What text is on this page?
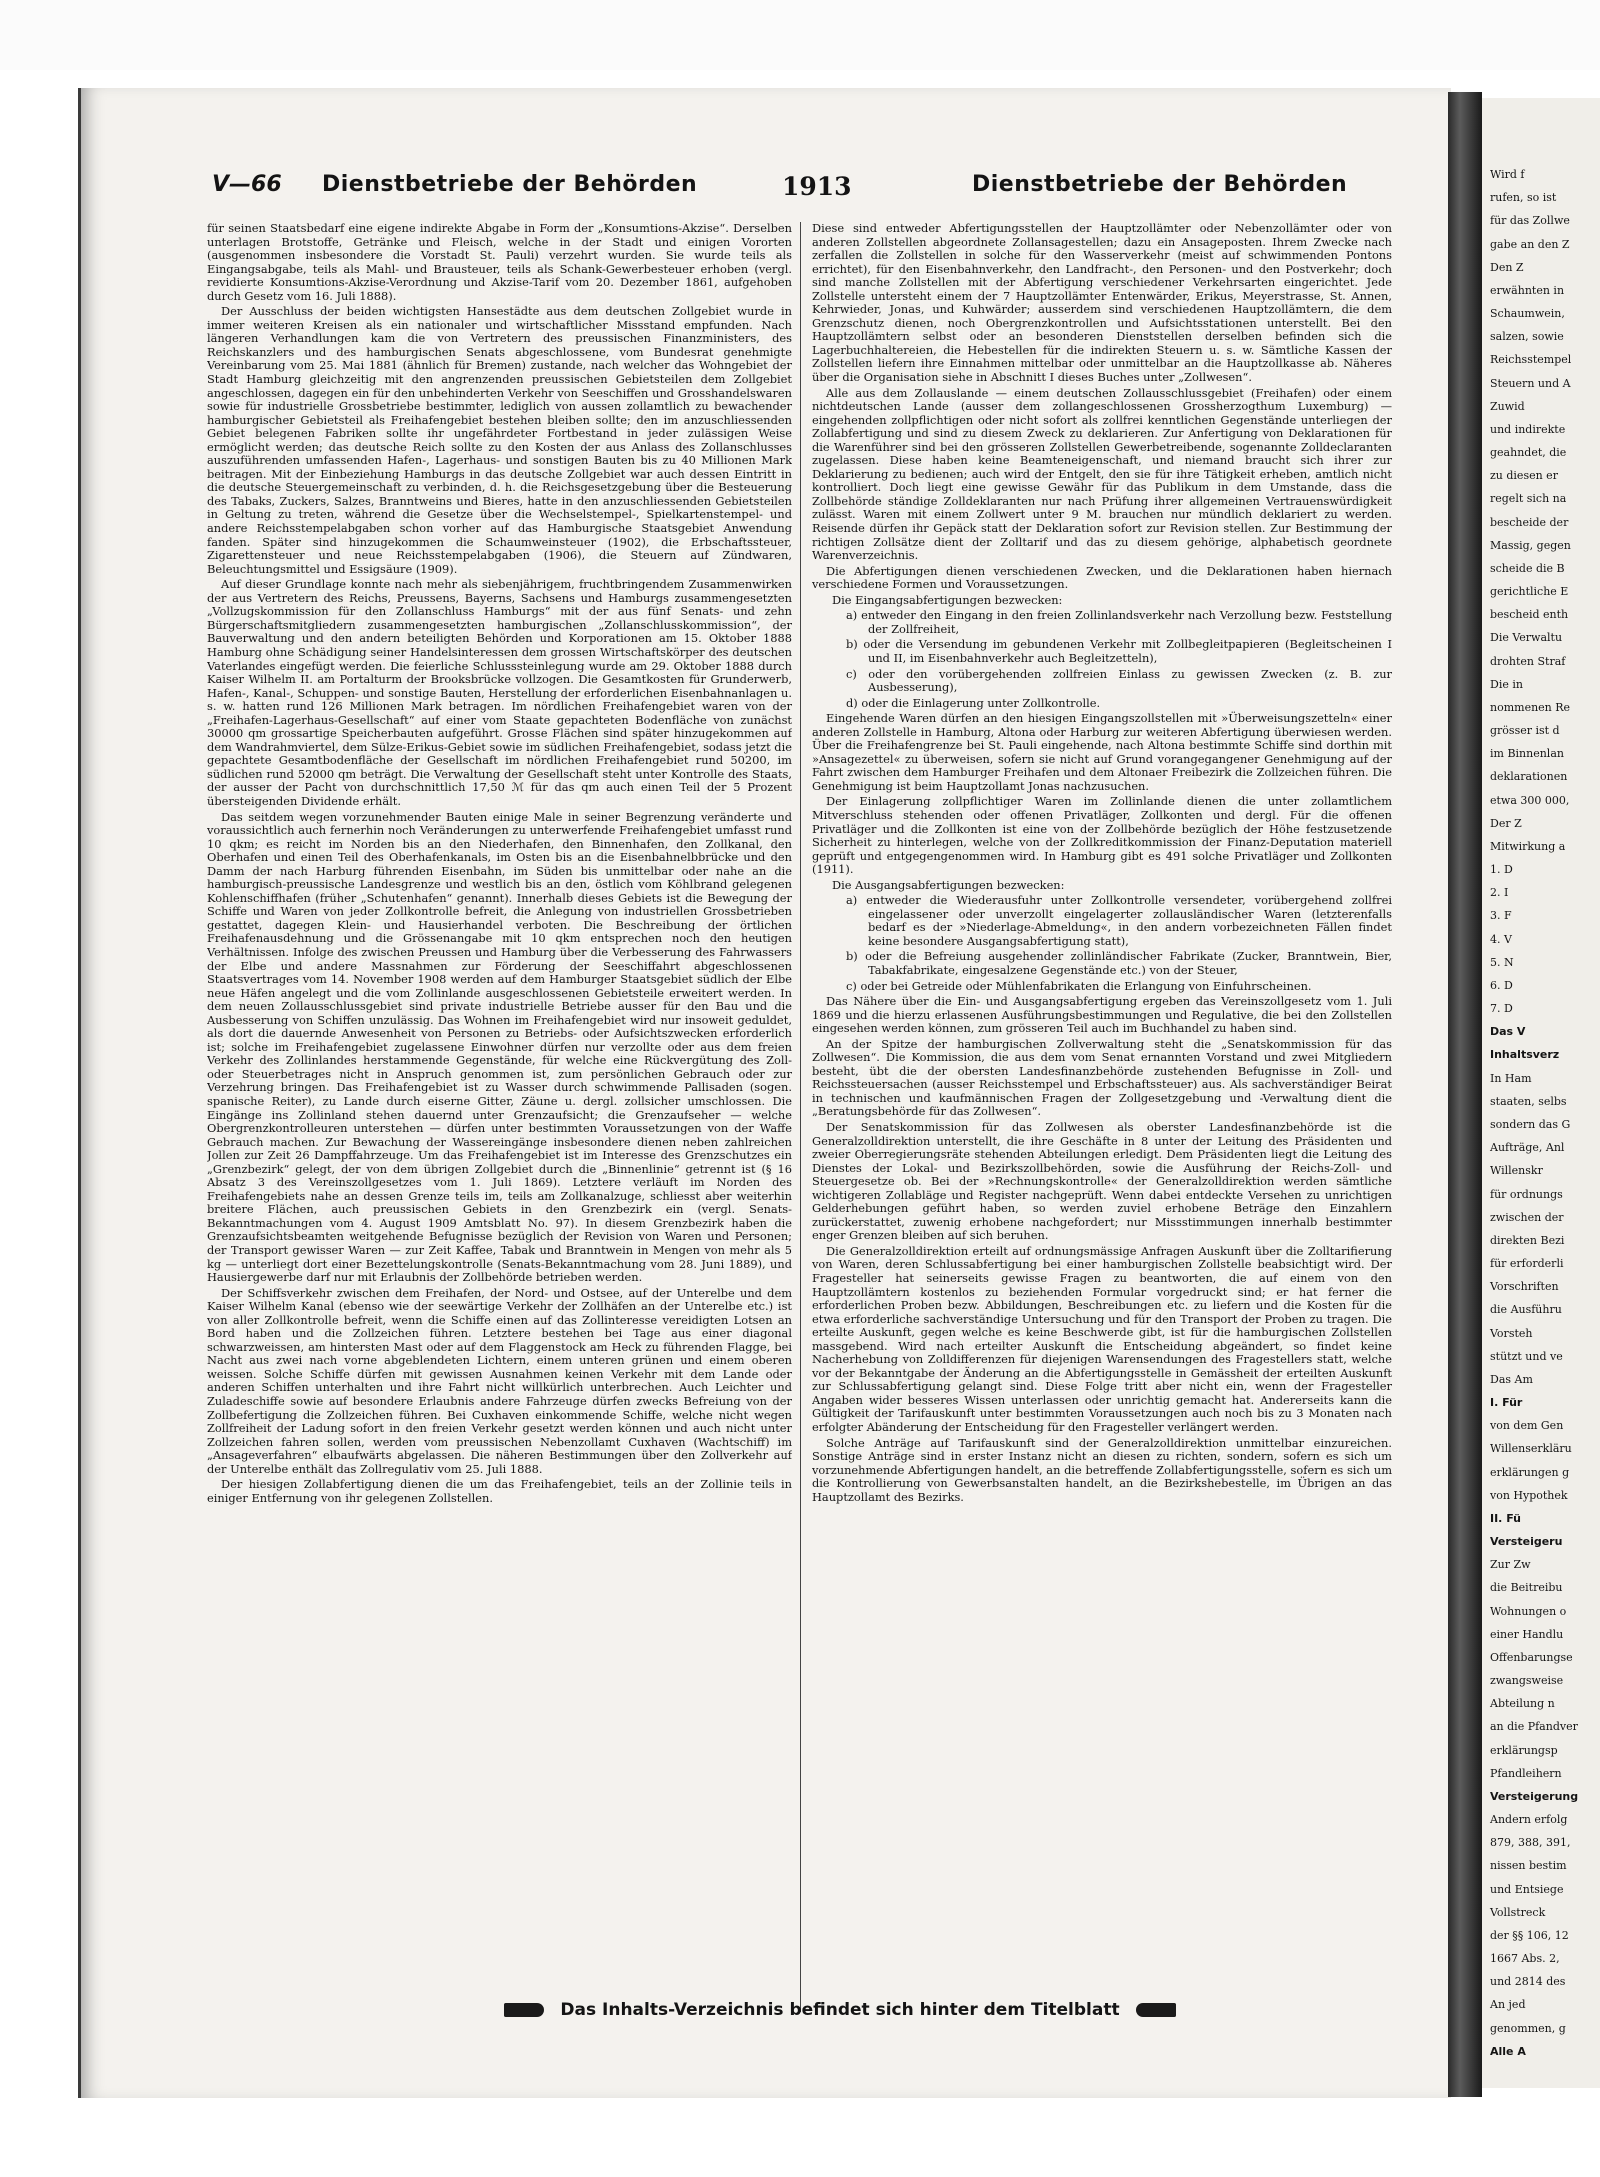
V—66 Dienstbetriebe der Behörden	1913	Dienstbetriebe der Behörden

für seinen Staatsbedarf eine eigene indirekte Abgabe in Form der „Konsumtions-Akzise“. Derselben unterlagen Brotstoffe, Getränke und Fleisch, welche in der Stadt und einigen Vororten (ausgenommen insbesondere die Vorstadt St. Pauli) verzehrt wurden. Sie wurde teils als Eingangsabgabe, teils als Mahl- und Brausteuer, teils als Schank-Gewerbesteuer erhoben (vergl. revidierte Konsumtions-Akzise-Verordnung und Akzise-Tarif vom 20. Dezember 1861, aufgehoben durch Gesetz vom 16. Juli 1888).

Der Ausschluss der beiden wichtigsten Hansestädte aus dem deutschen Zollgebiet wurde in immer weiteren Kreisen als ein nationaler und wirtschaftlicher Missstand empfunden. Nach längeren Verhandlungen kam die von Vertretern des preussischen Finanzministers, des Reichskanzlers und des hamburgischen Senats abgeschlossene, vom Bundesrat genehmigte Vereinbarung vom 25. Mai 1881 (ähnlich für Bremen) zustande, nach welcher das Wohngebiet der Stadt Hamburg gleichzeitig mit den angrenzenden preussischen Gebietsteilen dem Zollgebiet angeschlossen, dagegen ein für den unbehinderten Verkehr von Seeschiffen und Grosshandelswaren sowie für industrielle Grossbetriebe bestimmter, lediglich von aussen zollamtlich zu bewachender hamburgischer Gebietsteil als Freihafengebiet bestehen bleiben sollte; den im anzuschliessenden Gebiet belegenen Fabriken sollte ihr ungefährdeter Fortbestand in jeder zulässigen Weise ermöglicht werden; das deutsche Reich sollte zu den Kosten der aus Anlass des Zollanschlusses auszuführenden umfassenden Hafen-, Lagerhaus- und sonstigen Bauten bis zu 40 Millionen Mark beitragen. Mit der Einbeziehung Hamburgs in das deutsche Zollgebiet war auch dessen Eintritt in die deutsche Steuergemeinschaft zu verbinden, d. h. die Reichsgesetzgebung über die Besteuerung des Tabaks, Zuckers, Salzes, Branntweins und Bieres, hatte in den anzuschliessenden Gebietsteilen in Geltung zu treten, während die Gesetze über die Wechselstempel-, Spielkartenstempel- und andere Reichsstempelabgaben schon vorher auf das Hamburgische Staatsgebiet Anwendung fanden. Später sind hinzugekommen die Schaumweinsteuer (1902), die Erbschaftssteuer, Zigarettensteuer und neue Reichsstempelabgaben (1906), die Steuern auf Zündwaren, Beleuchtungsmittel und Essigsäure (1909).

Auf dieser Grundlage konnte nach mehr als siebenjährigem, fruchtbringendem Zusammenwirken der aus Vertretern des Reichs, Preussens, Bayerns, Sachsens und Hamburgs zusammengesetzten „Vollzugskommission für den Zollanschluss Hamburgs“ mit der aus fünf Senats- und zehn Bürgerschaftsmitgliedern zusammengesetzten hamburgischen „Zollanschlusskommission“, der Bauverwaltung und den andern beteiligten Behörden und Korporationen am 15. Oktober 1888 Hamburg ohne Schädigung seiner Handelsinteressen dem grossen Wirtschaftskörper des deutschen Vaterlandes eingefügt werden. Die feierliche Schlusssteinlegung wurde am 29. Oktober 1888 durch Kaiser Wilhelm II. am Portalturm der Brooksbrücke vollzogen. Die Gesamtkosten für Grunderwerb, Hafen-, Kanal-, Schuppen- und sonstige Bauten, Herstellung der erforderlichen Eisenbahnanlagen u. s. w. hatten rund 126 Millionen Mark betragen. Im nördlichen Freihafengebiet waren von der „Freihafen-Lagerhaus-Gesellschaft“ auf einer vom Staate gepachteten Bodenfläche von zunächst 30000 qm grossartige Speicherbauten aufgeführt. Grosse Flächen sind später hinzugekommen auf dem Wandrahmviertel, dem Sülze-Erikus-Gebiet sowie im südlichen Freihafengebiet, sodass jetzt die gepachtete Gesamtbodenfläche der Gesellschaft im nördlichen Freihafengebiet rund 50200, im südlichen rund 52000 qm beträgt. Die Verwaltung der Gesellschaft steht unter Kontrolle des Staats, der ausser der Pacht von durchschnittlich 17,50 ℳ für das qm auch einen Teil der 5 Prozent übersteigenden Dividende erhält.

Das seitdem wegen vorzunehmender Bauten einige Male in seiner Begrenzung veränderte und voraussichtlich auch fernerhin noch Veränderungen zu unterwerfende Freihafengebiet umfasst rund 10 qkm; es reicht im Norden bis an den Niederhafen, den Binnenhafen, den Zollkanal, den Oberhafen und einen Teil des Oberhafenkanals, im Osten bis an die Eisenbahnelbbrücke und den Damm der nach Harburg führenden Eisenbahn, im Süden bis unmittelbar oder nahe an die hamburgisch-preussische Landesgrenze und westlich bis an den, östlich vom Köhlbrand gelegenen Kohlenschiffhafen (früher „Schutenhafen“ genannt). Innerhalb dieses Gebiets ist die Bewegung der Schiffe und Waren von jeder Zollkontrolle befreit, die Anlegung von industriellen Grossbetrieben gestattet, dagegen Klein- und Hausierhandel verboten. Die Beschreibung der örtlichen Freihafenausdehnung und die Grössenangabe mit 10 qkm entsprechen noch den heutigen Verhältnissen. Infolge des zwischen Preussen und Hamburg über die Verbesserung des Fahrwassers der Elbe und andere Massnahmen zur Förderung der Seeschiffahrt abgeschlossenen Staatsvertrages vom 14. November 1908 werden auf dem Hamburger Staatsgebiet südlich der Elbe neue Häfen angelegt und die vom Zollinlande ausgeschlossenen Gebietsteile erweitert werden. In dem neuen Zollausschlussgebiet sind private industrielle Betriebe ausser für den Bau und die Ausbesserung von Schiffen unzulässig. Das Wohnen im Freihafengebiet wird nur insoweit geduldet, als dort die dauernde Anwesenheit von Personen zu Betriebs- oder Aufsichtszwecken erforderlich ist; solche im Freihafengebiet zugelassene Einwohner dürfen nur verzollte oder aus dem freien Verkehr des Zollinlandes herstammende Gegenstände, für welche eine Rückvergütung des Zoll- oder Steuerbetrages nicht in Anspruch genommen ist, zum persönlichen Gebrauch oder zur Verzehrung bringen. Das Freihafengebiet ist zu Wasser durch schwimmende Pallisaden (sogen. spanische Reiter), zu Lande durch eiserne Gitter, Zäune u. dergl. zollsicher umschlossen. Die Eingänge ins Zollinland stehen dauernd unter Grenzaufsicht; die Grenzaufseher — welche Obergrenzkontrolleuren unterstehen — dürfen unter bestimmten Voraussetzungen von der Waffe Gebrauch machen. Zur Bewachung der Wassereingänge insbesondere dienen neben zahlreichen Jollen zur Zeit 26 Dampffahrzeuge. Um das Freihafengebiet ist im Interesse des Grenzschutzes ein „Grenzbezirk“ gelegt, der von dem übrigen Zollgebiet durch die „Binnenlinie“ getrennt ist (§ 16 Absatz 3 des Vereinszollgesetzes vom 1. Juli 1869). Letztere verläuft im Norden des Freihafengebiets nahe an dessen Grenze teils im, teils am Zollkanalzuge, schliesst aber weiterhin breitere Flächen, auch preussischen Gebiets in den Grenzbezirk ein (vergl. Senats-Bekanntmachungen vom 4. August 1909 Amtsblatt No. 97). In diesem Grenzbezirk haben die Grenzaufsichtsbeamten weitgehende Befugnisse bezüglich der Revision von Waren und Personen; der Transport gewisser Waren — zur Zeit Kaffee, Tabak und Branntwein in Mengen von mehr als 5 kg — unterliegt dort einer Bezettelungskontrolle (Senats-Bekanntmachung vom 28. Juni 1889), und Hausiergewerbe darf nur mit Erlaubnis der Zollbehörde betrieben werden.

Der Schiffsverkehr zwischen dem Freihafen, der Nord- und Ostsee, auf der Unterelbe und dem Kaiser Wilhelm Kanal (ebenso wie der seewärtige Verkehr der Zollhäfen an der Unterelbe etc.) ist von aller Zollkontrolle befreit, wenn die Schiffe einen auf das Zollinteresse vereidigten Lotsen an Bord haben und die Zollzeichen führen. Letztere bestehen bei Tage aus einer diagonal schwarzweissen, am hintersten Mast oder auf dem Flaggenstock am Heck zu führenden Flagge, bei Nacht aus zwei nach vorne abgeblendeten Lichtern, einem unteren grünen und einem oberen weissen. Solche Schiffe dürfen mit gewissen Ausnahmen keinen Verkehr mit dem Lande oder anderen Schiffen unterhalten und ihre Fahrt nicht willkürlich unterbrechen. Auch Leichter und Zuladeschiffe sowie auf besondere Erlaubnis andere Fahrzeuge dürfen zwecks Befreiung von der Zollbefertigung die Zollzeichen führen. Bei Cuxhaven einkommende Schiffe, welche nicht wegen Zollfreiheit der Ladung sofort in den freien Verkehr gesetzt werden können und auch nicht unter Zollzeichen fahren sollen, werden vom preussischen Nebenzollamt Cuxhaven (Wachtschiff) im „Ansageverfahren“ elbaufwärts abgelassen. Die näheren Bestimmungen über den Zollverkehr auf der Unterelbe enthält das Zollregulativ vom 25. Juli 1888.

Der hiesigen Zollabfertigung dienen die um das Freihafengebiet, teils an der Zollinie teils in einiger Entfernung von ihr gelegenen Zollstellen.

Diese sind entweder Abfertigungsstellen der Hauptzollämter oder Nebenzollämter oder von anderen Zollstellen abgeordnete Zollansagestellen; dazu ein Ansageposten. Ihrem Zwecke nach zerfallen die Zollstellen in solche für den Wasserverkehr (meist auf schwimmenden Pontons errichtet), für den Eisenbahnverkehr, den Landfracht-, den Personen- und den Postverkehr; doch sind manche Zollstellen mit der Abfertigung verschiedener Verkehrsarten eingerichtet. Jede Zollstelle untersteht einem der 7 Hauptzollämter Entenwärder, Erikus, Meyerstrasse, St. Annen, Kehrwieder, Jonas, und Kuhwärder; ausserdem sind verschiedenen Hauptzollämtern, die dem Grenzschutz dienen, noch Obergrenzkontrollen und Aufsichtsstationen unterstellt. Bei den Hauptzollämtern selbst oder an besonderen Dienststellen derselben befinden sich die Lagerbuchhaltereien, die Hebestellen für die indirekten Steuern u. s. w. Sämtliche Kassen der Zollstellen liefern ihre Einnahmen mittelbar oder unmittelbar an die Hauptzollkasse ab. Näheres über die Organisation siehe in Abschnitt I dieses Buches unter „Zollwesen“.

Alle aus dem Zollauslande — einem deutschen Zollausschlussgebiet (Freihafen) oder einem nichtdeutschen Lande (ausser dem zollangeschlossenen Grossherzogthum Luxemburg) — eingehenden zollpflichtigen oder nicht sofort als zollfrei kenntlichen Gegenstände unterliegen der Zollabfertigung und sind zu diesem Zweck zu deklarieren. Zur Anfertigung von Deklarationen für die Warenführer sind bei den grösseren Zollstellen Gewerbetreibende, sogenannte Zolldeclaranten zugelassen. Diese haben keine Beamteneigenschaft, und niemand braucht sich ihrer zur Deklarierung zu bedienen; auch wird der Entgelt, den sie für ihre Tätigkeit erheben, amtlich nicht kontrolliert. Doch liegt eine gewisse Gewähr für das Publikum in dem Umstande, dass die Zollbehörde ständige Zolldeklaranten nur nach Prüfung ihrer allgemeinen Vertrauenswürdigkeit zulässt. Waren mit einem Zollwert unter 9 M. brauchen nur mündlich deklariert zu werden. Reisende dürfen ihr Gepäck statt der Deklaration sofort zur Revision stellen. Zur Bestimmung der richtigen Zollsätze dient der Zolltarif und das zu diesem gehörige, alphabetisch geordnete Warenverzeichnis.

Die Abfertigungen dienen verschiedenen Zwecken, und die Deklarationen haben hiernach verschiedene Formen und Voraussetzungen.

Die Eingangsabfertigungen bezwecken:

a) entweder den Eingang in den freien Zollinlandsverkehr nach Verzollung bezw. Feststellung der Zollfreiheit,

b) oder die Versendung im gebundenen Verkehr mit Zollbegleitpapieren (Begleitscheinen I und II, im Eisenbahnverkehr auch Begleitzetteln),

c) oder den vorübergehenden zollfreien Einlass zu gewissen Zwecken (z. B. zur Ausbesserung),

d) oder die Einlagerung unter Zollkontrolle.

Eingehende Waren dürfen an den hiesigen Eingangszollstellen mit »Überweisungszetteln« einer anderen Zollstelle in Hamburg, Altona oder Harburg zur weiteren Abfertigung überwiesen werden. Über die Freihafengrenze bei St. Pauli eingehende, nach Altona bestimmte Schiffe sind dorthin mit »Ansagezettel« zu überweisen, sofern sie nicht auf Grund vorangegangener Genehmigung auf der Fahrt zwischen dem Hamburger Freihafen und dem Altonaer Freibezirk die Zollzeichen führen. Die Genehmigung ist beim Hauptzollamt Jonas nachzusuchen.

Der Einlagerung zollpflichtiger Waren im Zollinlande dienen die unter zollamtlichem Mitverschluss stehenden oder offenen Privatläger, Zollkonten und dergl. Für die offenen Privatläger und die Zollkonten ist eine von der Zollbehörde bezüglich der Höhe festzusetzende Sicherheit zu hinterlegen, welche von der Zollkreditkommission der Finanz-Deputation materiell geprüft und entgegengenommen wird. In Hamburg gibt es 491 solche Privatläger und Zollkonten (1911).

Die Ausgangsabfertigungen bezwecken:

a) entweder die Wiederausfuhr unter Zollkontrolle versendeter, vorübergehend zollfrei eingelassener oder unverzollt eingelagerter zollausländischer Waren (letzterenfalls bedarf es der »Niederlage-Abmeldung«, in den andern vorbezeichneten Fällen findet keine besondere Ausgangsabfertigung statt),

b) oder die Befreiung ausgehender zollinländischer Fabrikate (Zucker, Branntwein, Bier, Tabakfabrikate, eingesalzene Gegenstände etc.) von der Steuer,

c) oder bei Getreide oder Mühlenfabrikaten die Erlangung von Einfuhrscheinen.

Das Nähere über die Ein- und Ausgangsabfertigung ergeben das Vereinszollgesetz vom 1. Juli 1869 und die hierzu erlassenen Ausführungsbestimmungen und Regulative, die bei den Zollstellen eingesehen werden können, zum grösseren Teil auch im Buchhandel zu haben sind.

An der Spitze der hamburgischen Zollverwaltung steht die „Senatskommission für das Zollwesen“. Die Kommission, die aus dem vom Senat ernannten Vorstand und zwei Mitgliedern besteht, übt die der obersten Landesfinanzbehörde zustehenden Befugnisse in Zoll- und Reichssteuersachen (ausser Reichsstempel und Erbschaftssteuer) aus. Als sachverständiger Beirat in technischen und kaufmännischen Fragen der Zollgesetzgebung und -Verwaltung dient die „Beratungsbehörde für das Zollwesen“.

Der Senatskommission für das Zollwesen als oberster Landesfinanzbehörde ist die Generalzolldirektion unterstellt, die ihre Geschäfte in 8 unter der Leitung des Präsidenten und zweier Oberregierungsräte stehenden Abteilungen erledigt. Dem Präsidenten liegt die Leitung des Dienstes der Lokal- und Bezirkszollbehörden, sowie die Ausführung der Reichs-Zoll- und Steuergesetze ob. Bei der »Rechnungskontrolle« der Generalzolldirektion werden sämtliche wichtigeren Zollabläge und Register nachgeprüft. Wenn dabei entdeckte Versehen zu unrichtigen Gelderhebungen geführt haben, so werden zuviel erhobene Beträge den Einzahlern zurückerstattet, zuwenig erhobene nachgefordert; nur Missstimmungen innerhalb bestimmter enger Grenzen bleiben auf sich beruhen.

Die Generalzolldirektion erteilt auf ordnungsmässige Anfragen Auskunft über die Zolltarifierung von Waren, deren Schlussabfertigung bei einer hamburgischen Zollstelle beabsichtigt wird. Der Fragesteller hat seinerseits gewisse Fragen zu beantworten, die auf einem von den Hauptzollämtern kostenlos zu beziehenden Formular vorgedruckt sind; er hat ferner die erforderlichen Proben bezw. Abbildungen, Beschreibungen etc. zu liefern und die Kosten für die etwa erforderliche sachverständige Untersuchung und für den Transport der Proben zu tragen. Die erteilte Auskunft, gegen welche es keine Beschwerde gibt, ist für die hamburgischen Zollstellen massgebend. Wird nach erteilter Auskunft die Entscheidung abgeändert, so findet keine Nacherhebung von Zolldifferenzen für diejenigen Warensendungen des Fragestellers statt, welche vor der Bekanntgabe der Änderung an die Abfertigungsstelle in Gemässheit der erteilten Auskunft zur Schlussabfertigung gelangt sind. Diese Folge tritt aber nicht ein, wenn der Fragesteller Angaben wider besseres Wissen unterlassen oder unrichtig gemacht hat. Andererseits kann die Gültigkeit der Tarifauskunft unter bestimmten Voraussetzungen auch noch bis zu 3 Monaten nach erfolgter Abänderung der Entscheidung für den Fragesteller verlängert werden.

Solche Anträge auf Tarifauskunft sind der Generalzolldirektion unmittelbar einzureichen. Sonstige Anträge sind in erster Instanz nicht an diesen zu richten, sondern, sofern es sich um vorzunehmende Abfertigungen handelt, an die betreffende Zollabfertigungsstelle, sofern es sich um die Kontrollierung von Gewerbsanstalten handelt, an die Bezirkshebestelle, im Übrigen an das Hauptzollamt des Bezirks.

Das Inhalts-Verzeichnis befindet sich hinter dem Titelblatt
Wird f
rufen, so ist
für das Zollwe
gabe an den Z
Den Z
erwähnten in
Schaumwein,
salzen, sowie
Reichsstempel
Steuern und A
Zuwid
und indirekte
geahndet, die
zu diesen er
regelt sich na
bescheide der
Massig, gegen
scheide die B
gerichtliche E
bescheid enth
Die Verwaltu
drohten Straf
Die in
nommenen Re
grösser ist d
im Binnenlan
deklarationen
etwa 300 000,
Der Z
Mitwirkung a
1. D
2. I
3. F
4. V
5. N
6. D
7. D
Das V
Inhaltsverz
In Ham
staaten, selbs
sondern das G
Aufträge, Anl
Willenskr
für ordnungs
zwischen der
direkten Bezi
für erforderli
Vorschriften
die Ausführu
Vorsteh
stützt und ve
Das Am
I. Für
von dem Gen
Willenserkläru
erklärungen g
von Hypothek
II. Fü
Versteigeru
Zur Zw
die Beitreibu
Wohnungen o
einer Handlu
Offenbarungse
zwangsweise
Abteilung n
an die Pfandver
erklärungsp
Pfandleihern
Versteigerung
Andern erfolg
879, 388, 391,
nissen bestim
und Entsiege
Vollstreck
der §§ 106, 12
1667 Abs. 2,
und 2814 des
An jed
genommen, g
Alle A
